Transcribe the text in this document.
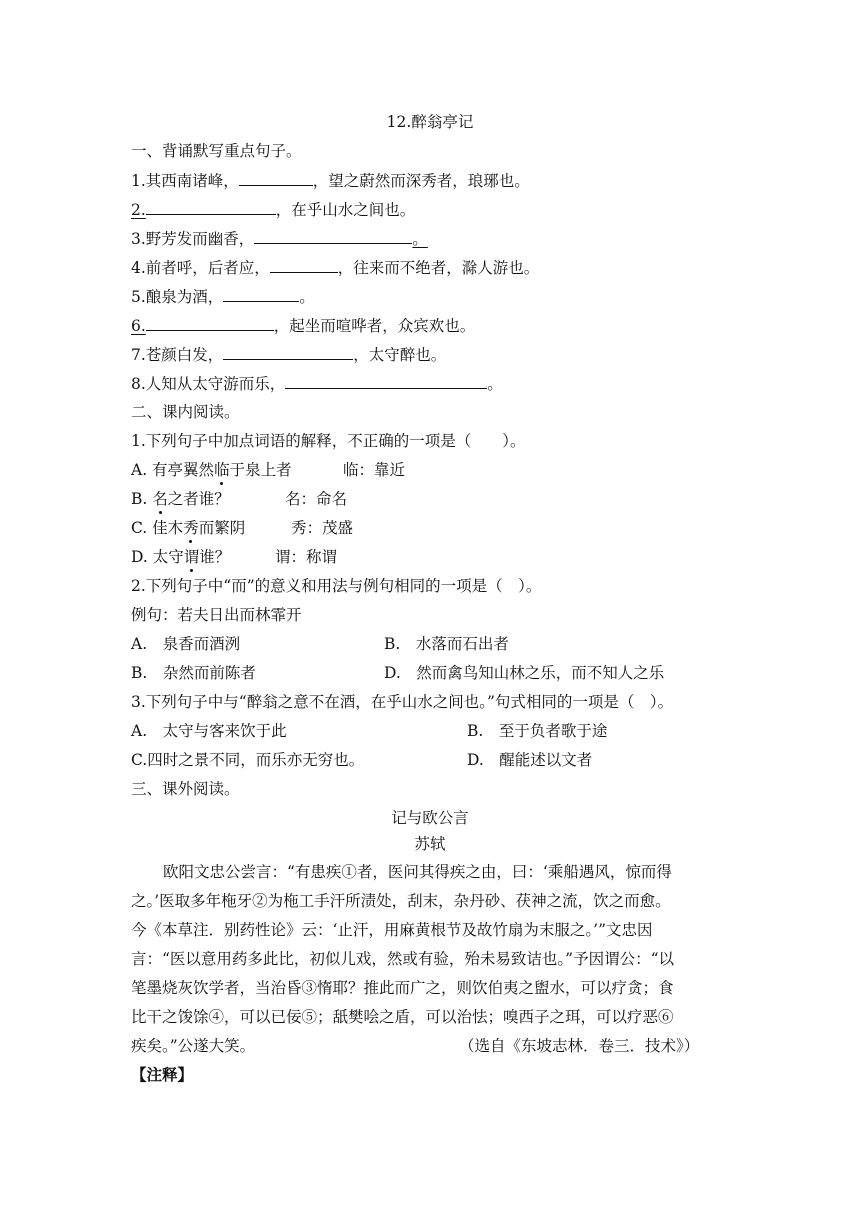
12.醉翁亭记
一、背诵默写重点句子。
1.其西南诸峰，	，望之蔚然而深秀者，琅琊也。
2.	，在乎山水之间也。
3.野芳发而幽香，	。
4.前者呼，后者应，	，往来而不绝者，滁人游也。
5.酿泉为酒，	。
6.	，起坐而喧哗者，众宾欢也。
7.苍颜白发，	，太守醉也。
8.人知从太守游而乐，	。
二、课内阅读。
1.下列句子中加点词语的解释，不正确的一项是（　　）。
A. 有亭翼然临于泉上者	临：靠近
B. 名之者谁？	名：命名
C. 佳木秀而繁阴	秀：茂盛
D. 太守谓谁？	谓：称谓
2.下列句子中“而”的意义和用法与例句相同的一项是（　）。
例句：若夫日出而林霏开
A.　泉香而酒洌	B.　水落而石出者
B.　杂然而前陈者	D.　然而禽鸟知山林之乐，而不知人之乐
3.下列句子中与“醉翁之意不在酒，在乎山水之间也。”句式相同的一项是（　）。
A.　太守与客来饮于此	B.　至于负者歌于途
C.四时之景不同，而乐亦无穷也。	D.　醒能述以文者
三、课外阅读。
记与欧公言
苏轼
欧阳文忠公尝言：“有患疾①者，医问其得疾之由，曰：‘乘船遇风，惊而得
之。’医取多年柂牙②为柂工手汗所渍处，刮末，杂丹砂、茯神之流，饮之而愈。
今《本草注．别药性论》云：‘止汗，用麻黄根节及故竹扇为末服之。’”文忠因
言：“医以意用药多此比，初似儿戏，然或有验，殆未易致诘也。”予因谓公：“以
笔墨烧灰饮学者，当治昏③惰耶？推此而广之，则饮伯夷之盥水，可以疗贪；食
比干之馂馀④，可以已佞⑤；舐樊哙之盾，可以治怯；嗅西子之珥，可以疗恶⑥
疾矣。”公遂大笑。	（选自《东坡志林．卷三．技术》）
【注释】
